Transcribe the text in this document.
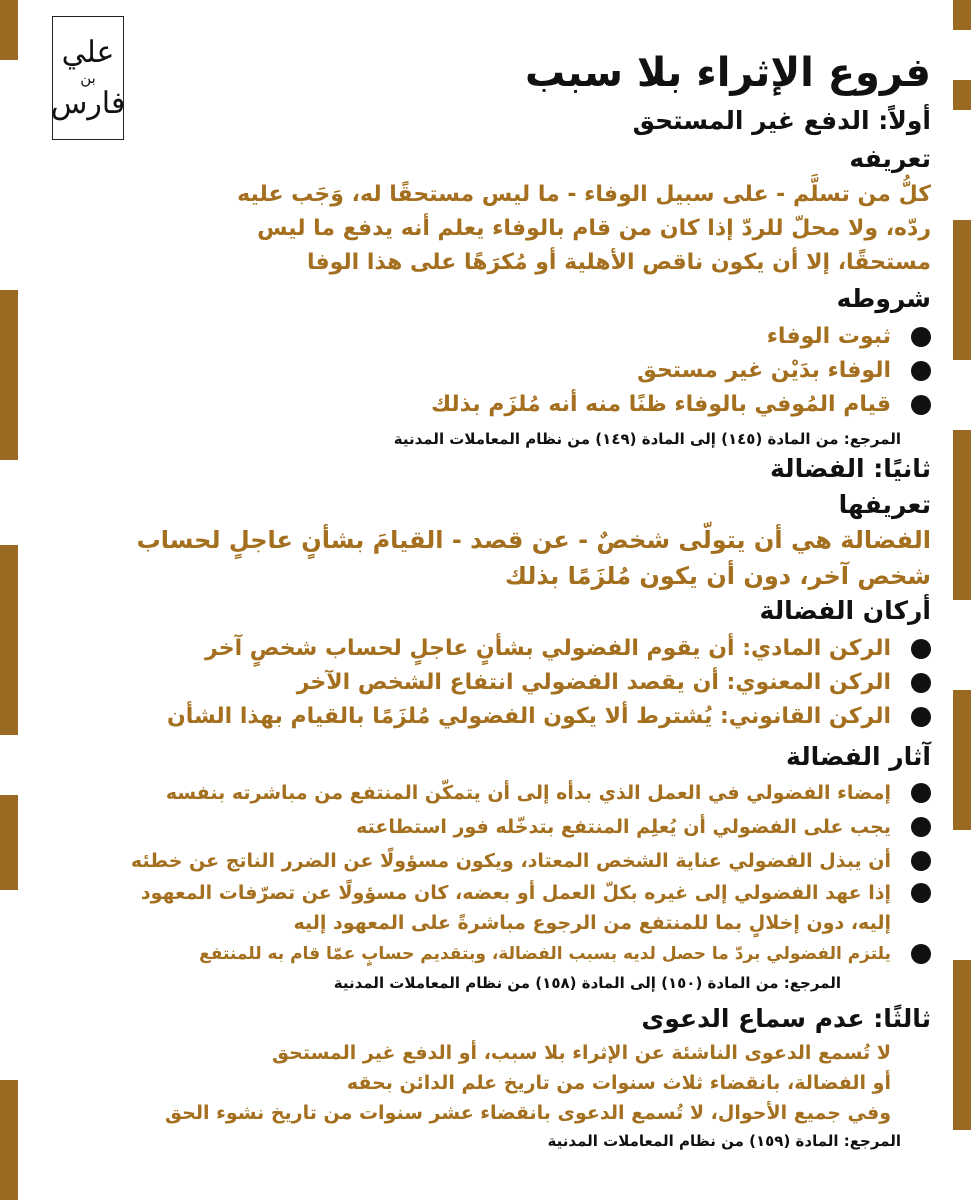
علي
بن
فارس
فروع الإثراء بلا سبب
أولاً: الدفع غير المستحق
تعريفه
كلُّ من تسلَّم - على سبيل الوفاء - ما ليس مستحقًا له، وَجَب عليه
ردّه، ولا محلّ للردّ إذا كان من قام بالوفاء يعلم أنه يدفع ما ليس
مستحقًا، إلا أن يكون ناقص الأهلية أو مُكرَهًا على هذا الوفا
شروطه
ثبوت الوفاء
الوفاء بدَيْن غير مستحق
قيام المُوفي بالوفاء ظنًا منه أنه مُلزَم بذلك
المرجع: من المادة (١٤٥) إلى المادة (١٤٩) من نظام المعاملات المدنية
ثانيًا: الفضالة
تعريفها
الفضالة هي أن يتولّى شخصٌ - عن قصد - القيامَ بشأنٍ عاجلٍ لحساب
شخص آخر، دون أن يكون مُلزَمًا بذلك
أركان الفضالة
الركن المادي: أن يقوم الفضولي بشأنٍ عاجلٍ لحساب شخصٍ آخر
الركن المعنوي: أن يقصد الفضولي انتفاع الشخص الآخر
الركن القانوني: يُشترط ألا يكون الفضولي مُلزَمًا بالقيام بهذا الشأن
آثار الفضالة
إمضاء الفضولي في العمل الذي بدأه إلى أن يتمكّن المنتفع من مباشرته بنفسه
يجب على الفضولي أن يُعلِم المنتفع بتدخّله فور استطاعته
أن يبذل الفضولي عناية الشخص المعتاد، ويكون مسؤولًا عن الضرر الناتج عن خطئه
إذا عهد الفضولي إلى غيره بكلّ العمل أو بعضه، كان مسؤولًا عن تصرّفات المعهود
إليه، دون إخلالٍ بما للمنتفع من الرجوع مباشرةً على المعهود إليه
يلتزم الفضولي بردّ ما حصل لديه بسبب الفضالة، وبتقديم حسابٍ عمّا قام به للمنتفع
المرجع: من المادة (١٥٠) إلى المادة (١٥٨) من نظام المعاملات المدنية
ثالثًا: عدم سماع الدعوى
لا تُسمع الدعوى الناشئة عن الإثراء بلا سبب، أو الدفع غير المستحق
أو الفضالة، بانقضاء ثلاث سنوات من تاريخ علم الدائن بحقه
وفي جميع الأحوال، لا تُسمع الدعوى بانقضاء عشر سنوات من تاريخ نشوء الحق
المرجع: المادة (١٥٩) من نظام المعاملات المدنية
